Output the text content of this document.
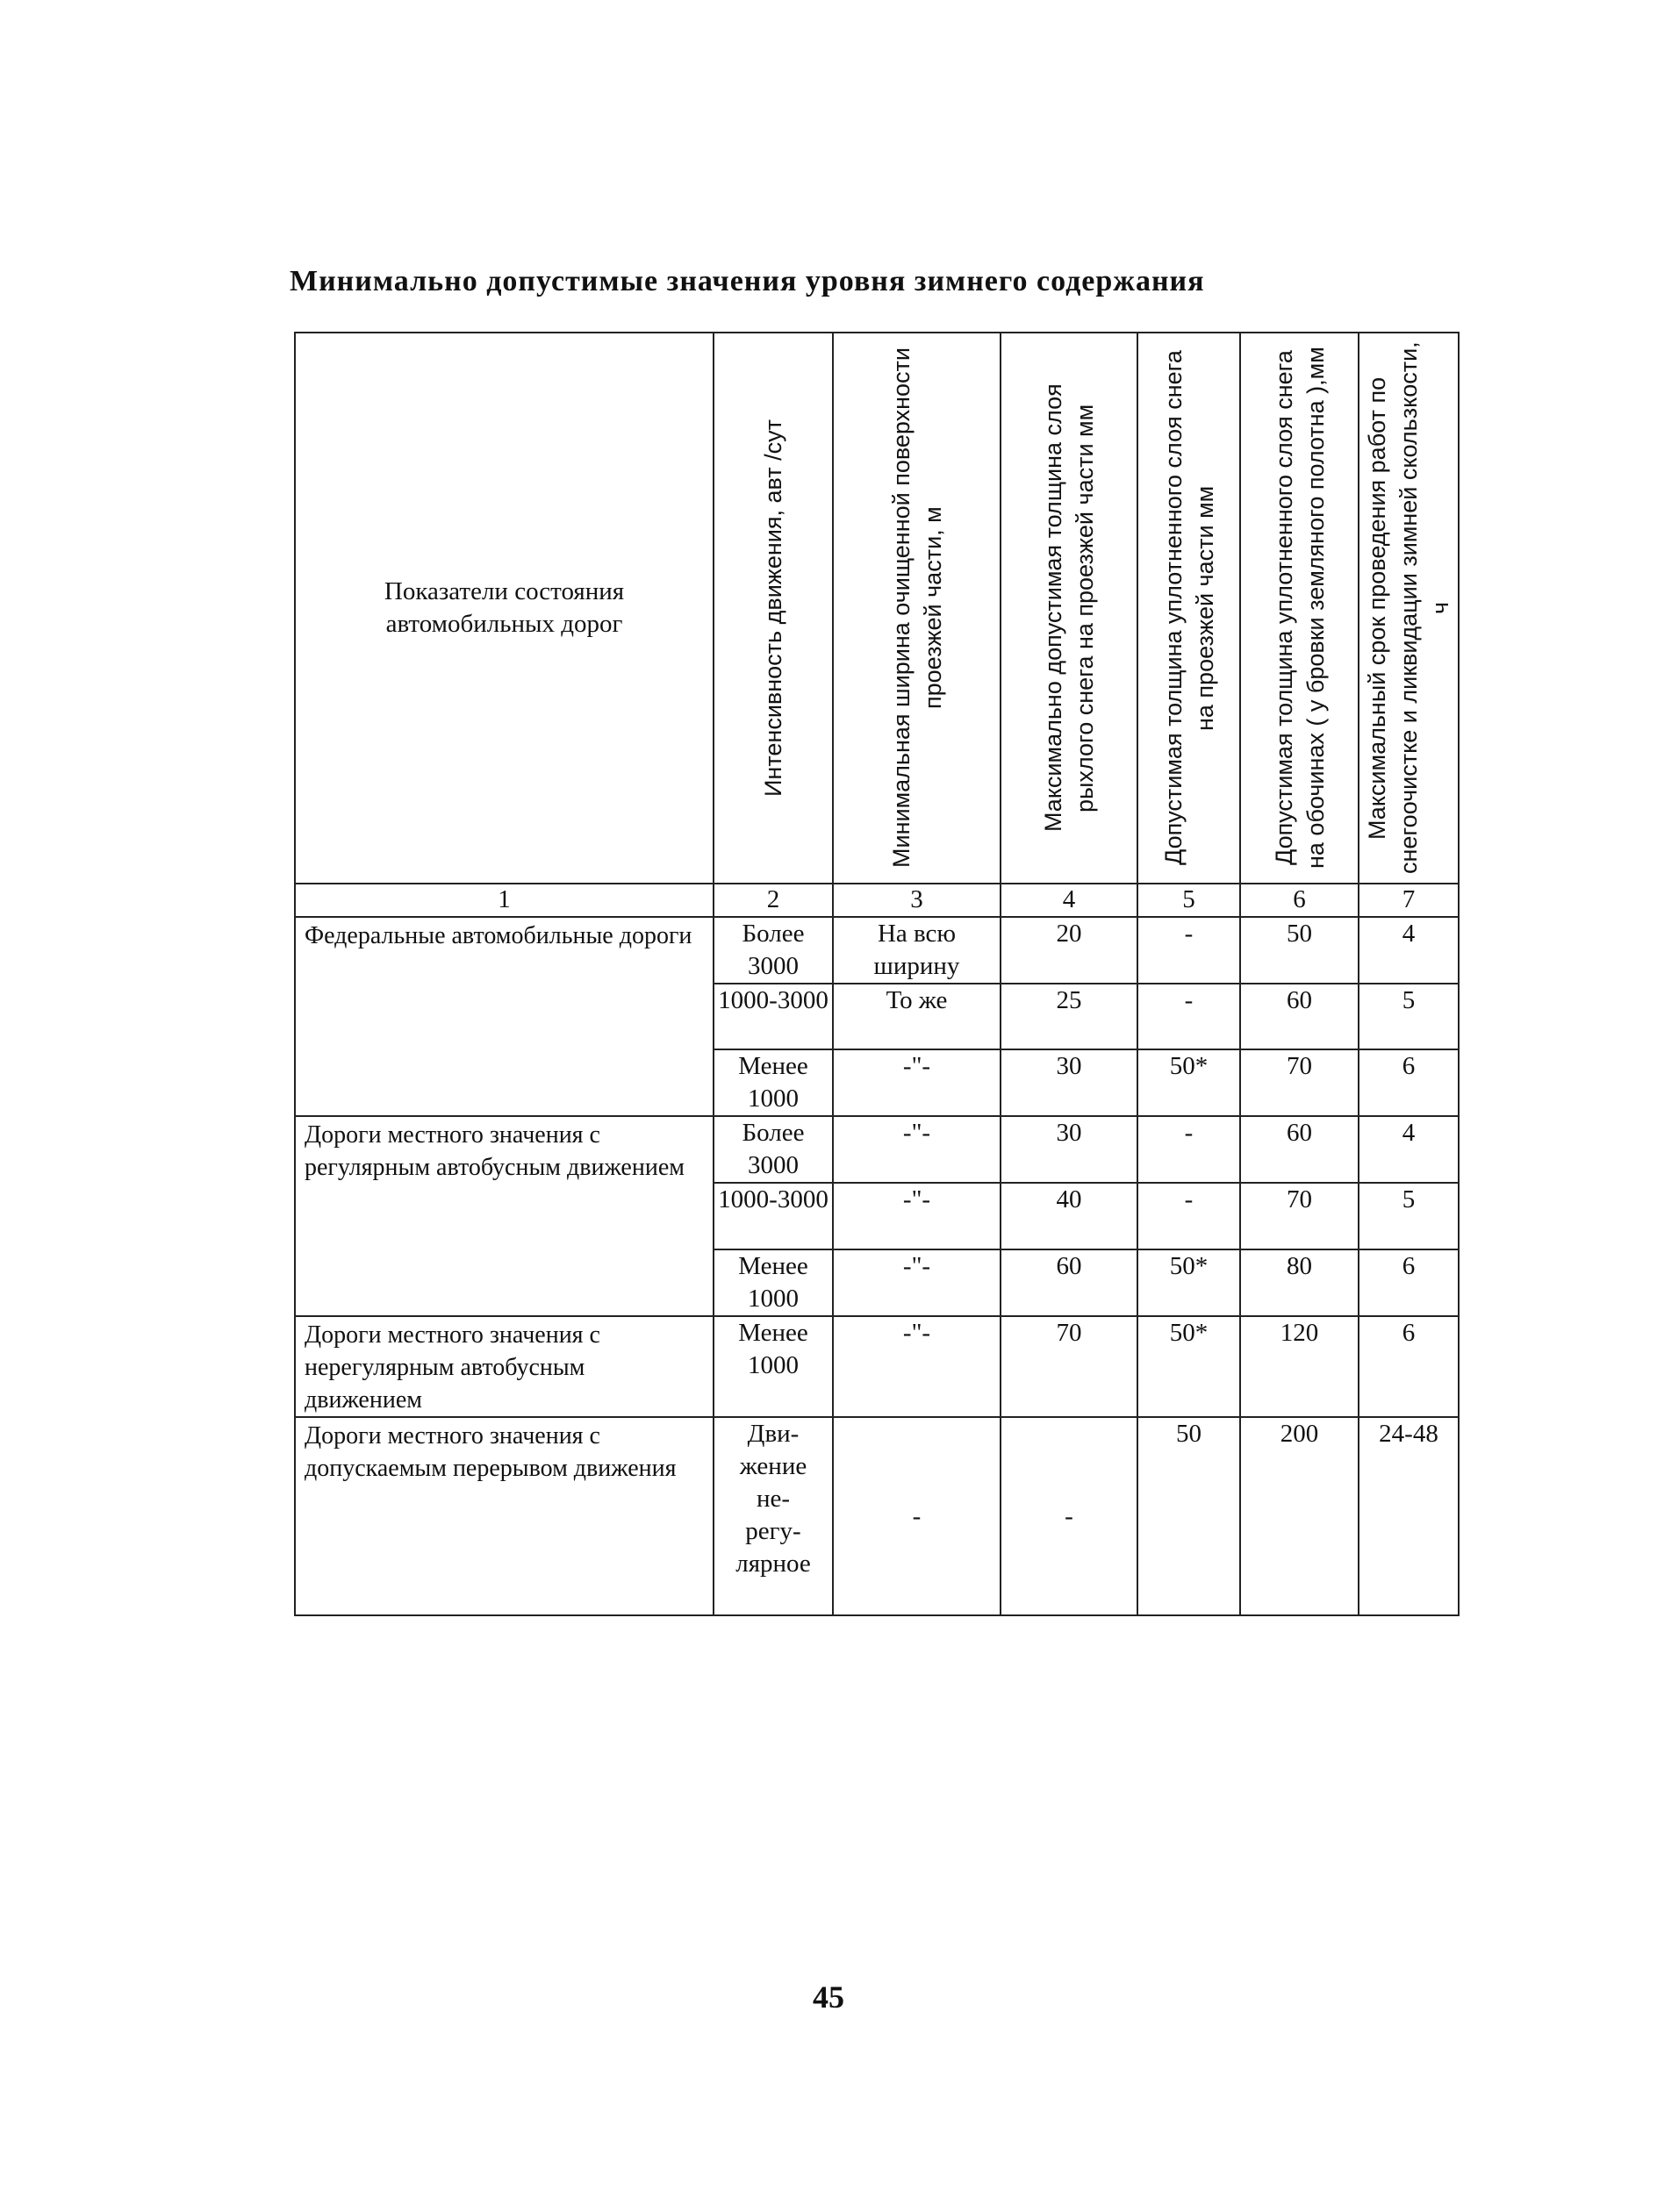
Минимально допустимые значения уровня зимнего содержания
Показатели состояния автомобильных дорог	Интенсивность движения, авт /сут	Минимальная ширина очищенной поверхности проезжей части, м	Максимально допустимая толщина слоя рыхлого снега на проезжей части мм	Допустимая толщина уплотненного слоя снега на проезжей части мм	Допустимая толщина уплотненного слоя снега на обочинах ( у бровки земляного полотна ),мм	Максимальный срок проведения работ по снегоочистке и ликвидации зимней скользкости, ч

1	2	3	4	5	6	7
Федеральные автомобильные дороги	Более 3000	На всю ширину	20	-	50	4
	1000-3000	То же	25	-	60	5
	Менее 1000	-"-	30	50*	70	6
Дороги местного значения с регулярным автобусным движением	Более 3000	-"-	30	-	60	4
	1000-3000	-"-	40	-	70	5
	Менее 1000	-"-	60	50*	80	6
Дороги местного значения с нерегулярным автобусным движением	Менее 1000	-"-	70	50*	120	6
Дороги местного значения с допускаемым перерывом движения	Дви- жение не- регу- лярное	-	-	50	200	24-48
45
